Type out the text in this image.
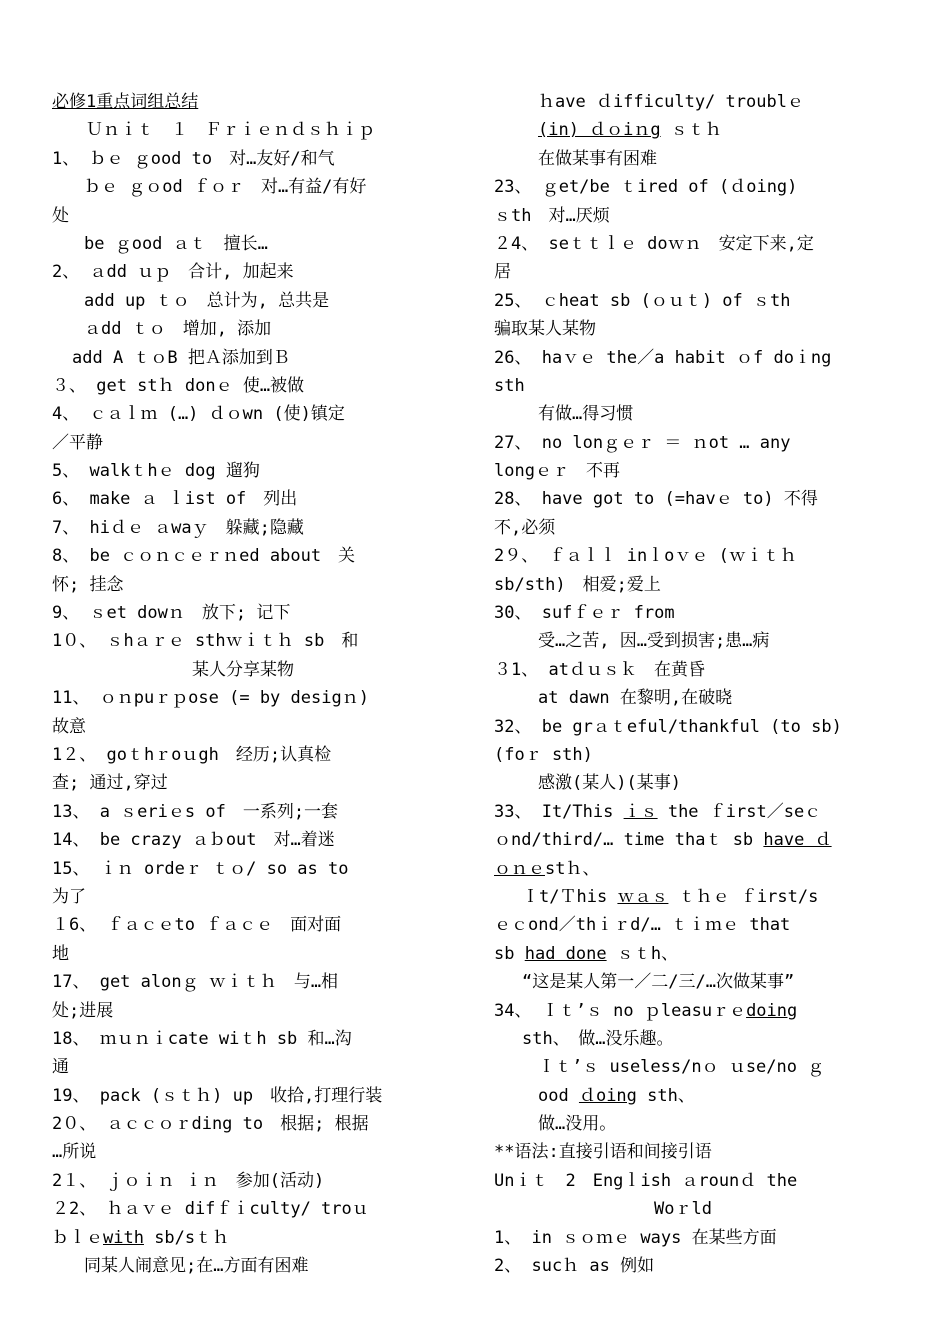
必修1重点词组总结
　　Ｕｎｉｔ　１　Ｆｒｉｅｎｄｓｈｉｐ
1、 ｂｅ ｇood to　对…友好/和气
ｂｅ ｇｏod ｆｏｒ　对…有益/有好
处
be ｇood ａｔ　擅长…
2、 ａdd ｕｐ　合计, 加起来
add up ｔｏ　总计为, 总共是
ａdd ｔｏ　增加, 添加
add A ｔｏB 把Ａ添加到Ｂ
３、 get stｈ donｅ 使…被做
4、 ｃａｌｍ (…) ｄｏwn (使)镇定
／平静
5、 walkｔhｅ dog 遛狗
6、 make ａ ｌist of　列出
7、 hiｄｅ ａwaｙ　躲藏;隐藏
8、 be ｃｏｎｃｅｒｎed about　关
怀; 挂念
9、 ｓet dowｎ　放下; 记下
1０、 ｓhａｒｅ sthｗｉｔｈ sb　和
某人分享某物
11、 ｏｎpuｒｐose (= by desigｎ)
故意
1２、 goｔhｒoｕgh　经历;认真检
查; 通过,穿过
13、 a ｓeriｅs of　一系列;一套
14、 be crazy ａｂout　对…着迷
15、 ｉｎ ordeｒ ｔｏ/ so as to
为了
１6、 ｆａｃｅto ｆａｃｅ　面对面
地
17、 get alonｇ ｗｉｔｈ　与…相
处;进展
18、 ｍｕｎｉcate wiｔh sb 和…沟
通
19、 pack (ｓｔｈ) up　收拾,打理行装
2０、 ａｃｃｏｒding to　根据; 根据
…所说
2１、 ｊｏｉｎ ｉｎ　参加(活动)
２2、 ｈａｖｅ difｆｉculty/ troｕ
ｂｌｅwith sb/sｔｈ
同某人闹意见;在…方面有困难
ｈave ｄifficulty/ troublｅ
(in) ｄｏiｎg ｓｔｈ
在做某事有困难
23、 ｇet/be ｔired of (ｄoing)
ｓth　对…厌烦
２4、 seｔｔｌｅ doｗｎ　安定下来,定
居
25、 ｃheat sb (ｏｕｔ) of ｓth
骗取某人某物
26、 haｖｅ the／a habit ｏf doｉng
sth
有做…得习惯
27、 no lonｇｅｒ ＝ ｎot … any
longｅｒ　不再
28、 have got to (=havｅ to) 不得
不,必须
2９、 ｆａｌｌ inｌoｖｅ (ｗｉｔｈ
sb/sth)　相爱;爱上
30、 sufｆｅｒ from
受…之苦, 因…受到损害;患…病
３1、 atｄｕｓｋ　在黄昏
at dawn 在黎明,在破晓
32、 be grａｔeful/thankful (to sb)
(foｒ sth)
感激(某人)(某事)
33、 It/This ｉｓ the ｆirst／seｃ
ｏnd/third/… time thaｔ sb have ｄ
ｏｎｅstｈ、
Ｉt/Ｔhis ｗａｓ ｔｈｅ ｆirst/s
ｅｃond／thｉｒd/… ｔｉｍｅ that
sb had done ｓｔh、
“这是某人第一／二/三/…次做某事”
34、 Ｉｔ’ｓ no ｐleasuｒｅdoing
sth、　做…没乐趣。
Ｉｔ’ｓ useless/nｏ ｕse/no ｇ
ood ｄoing sth、
做…没用。
**语法:直接引语和间接引语
Unｉｔ　2　Engｌish ａrounｄ the
Woｒld
1、 in ｓｏｍｅ ways 在某些方面
2、 sucｈ as 例如
